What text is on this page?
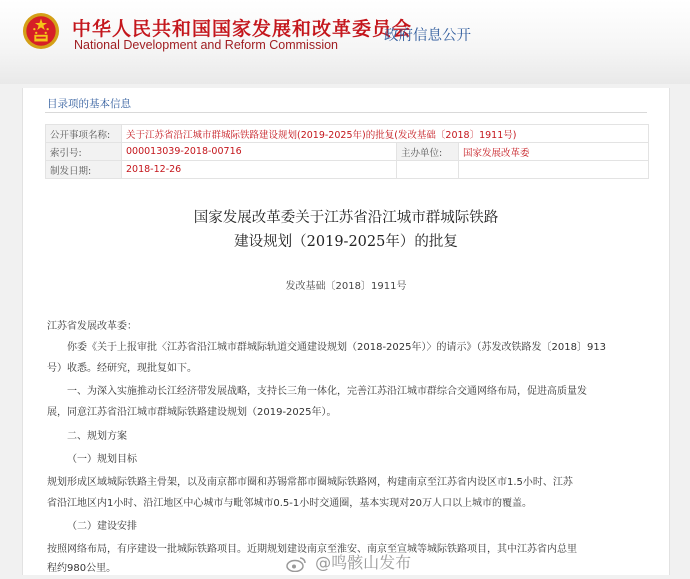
中华人民共和国国家发展和改革委员会
National Development and Reform Commission
政府信息公开
目录项的基本信息
公开事项名称:	关于江苏省沿江城市群城际铁路建设规划(2019-2025年)的批复(发改基础〔2018〕1911号)		
索引号:	000013039-2018-00716	主办单位:	国家发展改革委
制发日期:	2018-12-26		
国家发展改革委关于江苏省沿江城市群城际铁路
建设规划（2019-2025年）的批复
发改基础〔2018〕1911号
江苏省发展改革委：
你委《关于上报审批〈江苏省沿江城市群城际轨道交通建设规划（2018-2025年）〉的请示》（苏发改铁路发〔2018〕913
号）收悉。经研究，现批复如下。
一、为深入实施推动长江经济带发展战略，支持长三角一体化，完善江苏沿江城市群综合交通网络布局，促进高质量发
展，同意江苏省沿江城市群城际铁路建设规划（2019-2025年）。
二、规划方案
（一）规划目标
规划形成区域城际铁路主骨架，以及南京都市圈和苏锡常都市圈城际铁路网，构建南京至江苏省内设区市1.5小时、江苏
省沿江地区内1小时、沿江地区中心城市与毗邻城市0.5-1小时交通圈，基本实现对20万人口以上城市的覆盖。
（二）建设安排
按照网络布局，有序建设一批城际铁路项目。近期规划建设南京至淮安、南京至宣城等城际铁路项目，其中江苏省内总里
程约980公里。	@鸣骸山发布
